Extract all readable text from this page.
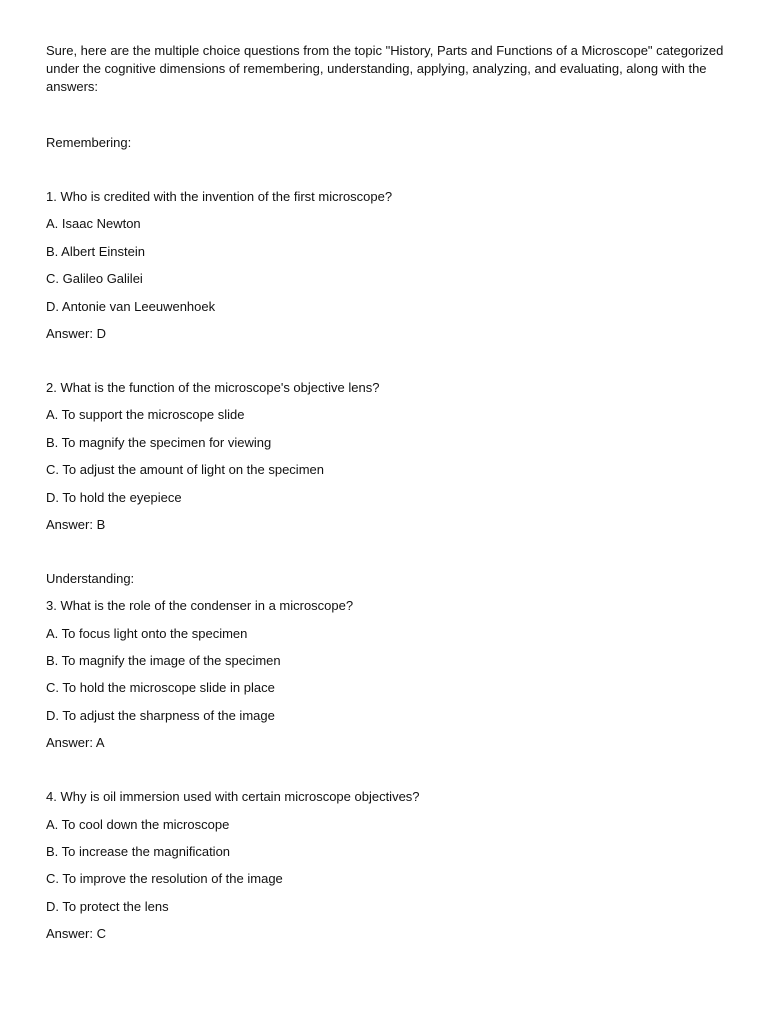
Sure, here are the multiple choice questions from the topic "History, Parts and Functions of a Microscope" categorized under the cognitive dimensions of remembering, understanding, applying, analyzing, and evaluating, along with the answers:

Remembering:

1. Who is credited with the invention of the first microscope?

A. Isaac Newton

B. Albert Einstein

C. Galileo Galilei

D. Antonie van Leeuwenhoek

Answer: D

2. What is the function of the microscope's objective lens?

A. To support the microscope slide

B. To magnify the specimen for viewing

C. To adjust the amount of light on the specimen

D. To hold the eyepiece

Answer: B

Understanding:

3. What is the role of the condenser in a microscope?

A. To focus light onto the specimen

B. To magnify the image of the specimen

C. To hold the microscope slide in place

D. To adjust the sharpness of the image

Answer: A

4. Why is oil immersion used with certain microscope objectives?

A. To cool down the microscope

B. To increase the magnification

C. To improve the resolution of the image

D. To protect the lens

Answer: C
